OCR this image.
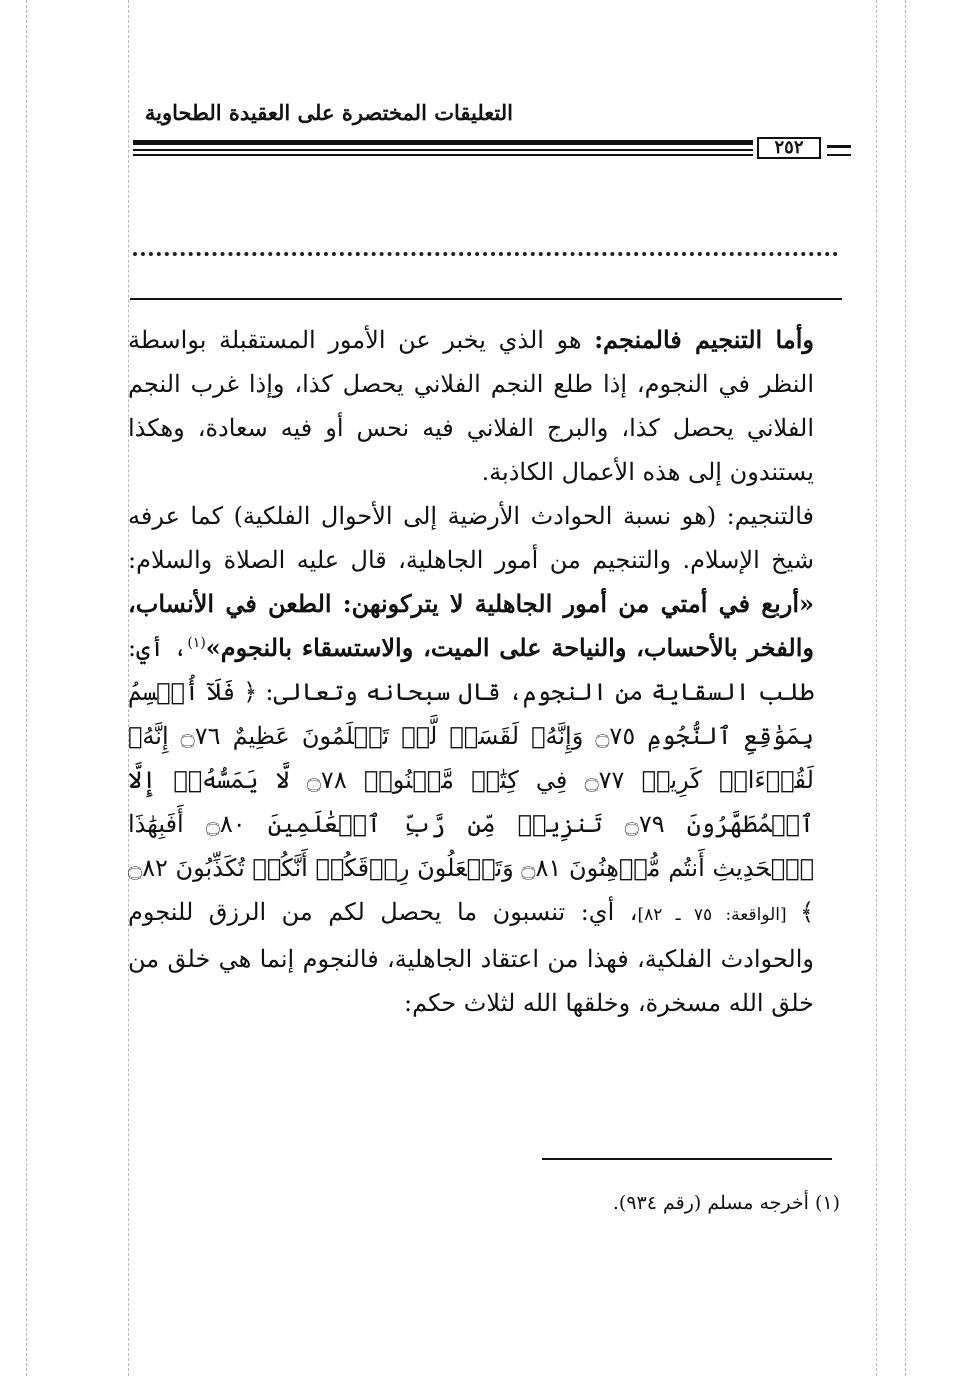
التعليقات المختصرة على العقيدة الطحاوية
٢٥٢

وأما التنجيم فالمنجم: هو الذي يخبر عن الأمور المستقبلة بواسطة النظر في النجوم، إذا طلع النجم الفلاني يحصل كذا، وإذا غرب النجم الفلاني يحصل كذا، والبرج الفلاني فيه نحس أو فيه سعادة، وهكذا يستندون إلى هذه الأعمال الكاذبة.

فالتنجيم: (هو نسبة الحوادث الأرضية إلى الأحوال الفلكية) كما عرفه شيخ الإسلام. والتنجيم من أمور الجاهلية، قال عليه الصلاة والسلام: «أربع في أمتي من أمور الجاهلية لا يتركونهن: الطعن في الأنساب، والفخر بالأحساب، والنياحة على الميت، والاستسقاء بالنجوم»$^{(١)}$، أي: طلب السقاية من النجوم، قال سبحانه وتعالى: ﴿ فَلَآ أُقۡسِمُ بِمَوَٰقِعِ ٱلنُّجُومِ ۝٧٥ وَإِنَّهُۥ لَقَسَمٞ لَّوۡ تَعۡلَمُونَ عَظِيمٌ ۝٧٦ إِنَّهُۥ لَقُرۡءَانٞ كَرِيمٞ ۝٧٧ فِي كِتَٰبٖ مَّكۡنُونٖ ۝٧٨ لَّا يَمَسُّهُۥٓ إِلَّا ٱلۡمُطَهَّرُونَ ۝٧٩ تَنزِيلٞ مِّن رَّبِّ ٱلۡعَٰلَمِينَ ۝٨٠ أَفَبِهَٰذَا ٱلۡحَدِيثِ أَنتُم مُّدۡهِنُونَ ۝٨١ وَتَجۡعَلُونَ رِزۡقَكُمۡ أَنَّكُمۡ تُكَذِّبُونَ ۝٨٢ ﴾ [الواقعة: ٧٥ ـ ٨٢]، أي: تنسبون ما يحصل لكم من الرزق للنجوم والحوادث الفلكية، فهذا من اعتقاد الجاهلية، فالنجوم إنما هي خلق من خلق الله مسخرة، وخلقها الله لثلاث حكم:

(١) أخرجه مسلم (رقم ٩٣٤).
